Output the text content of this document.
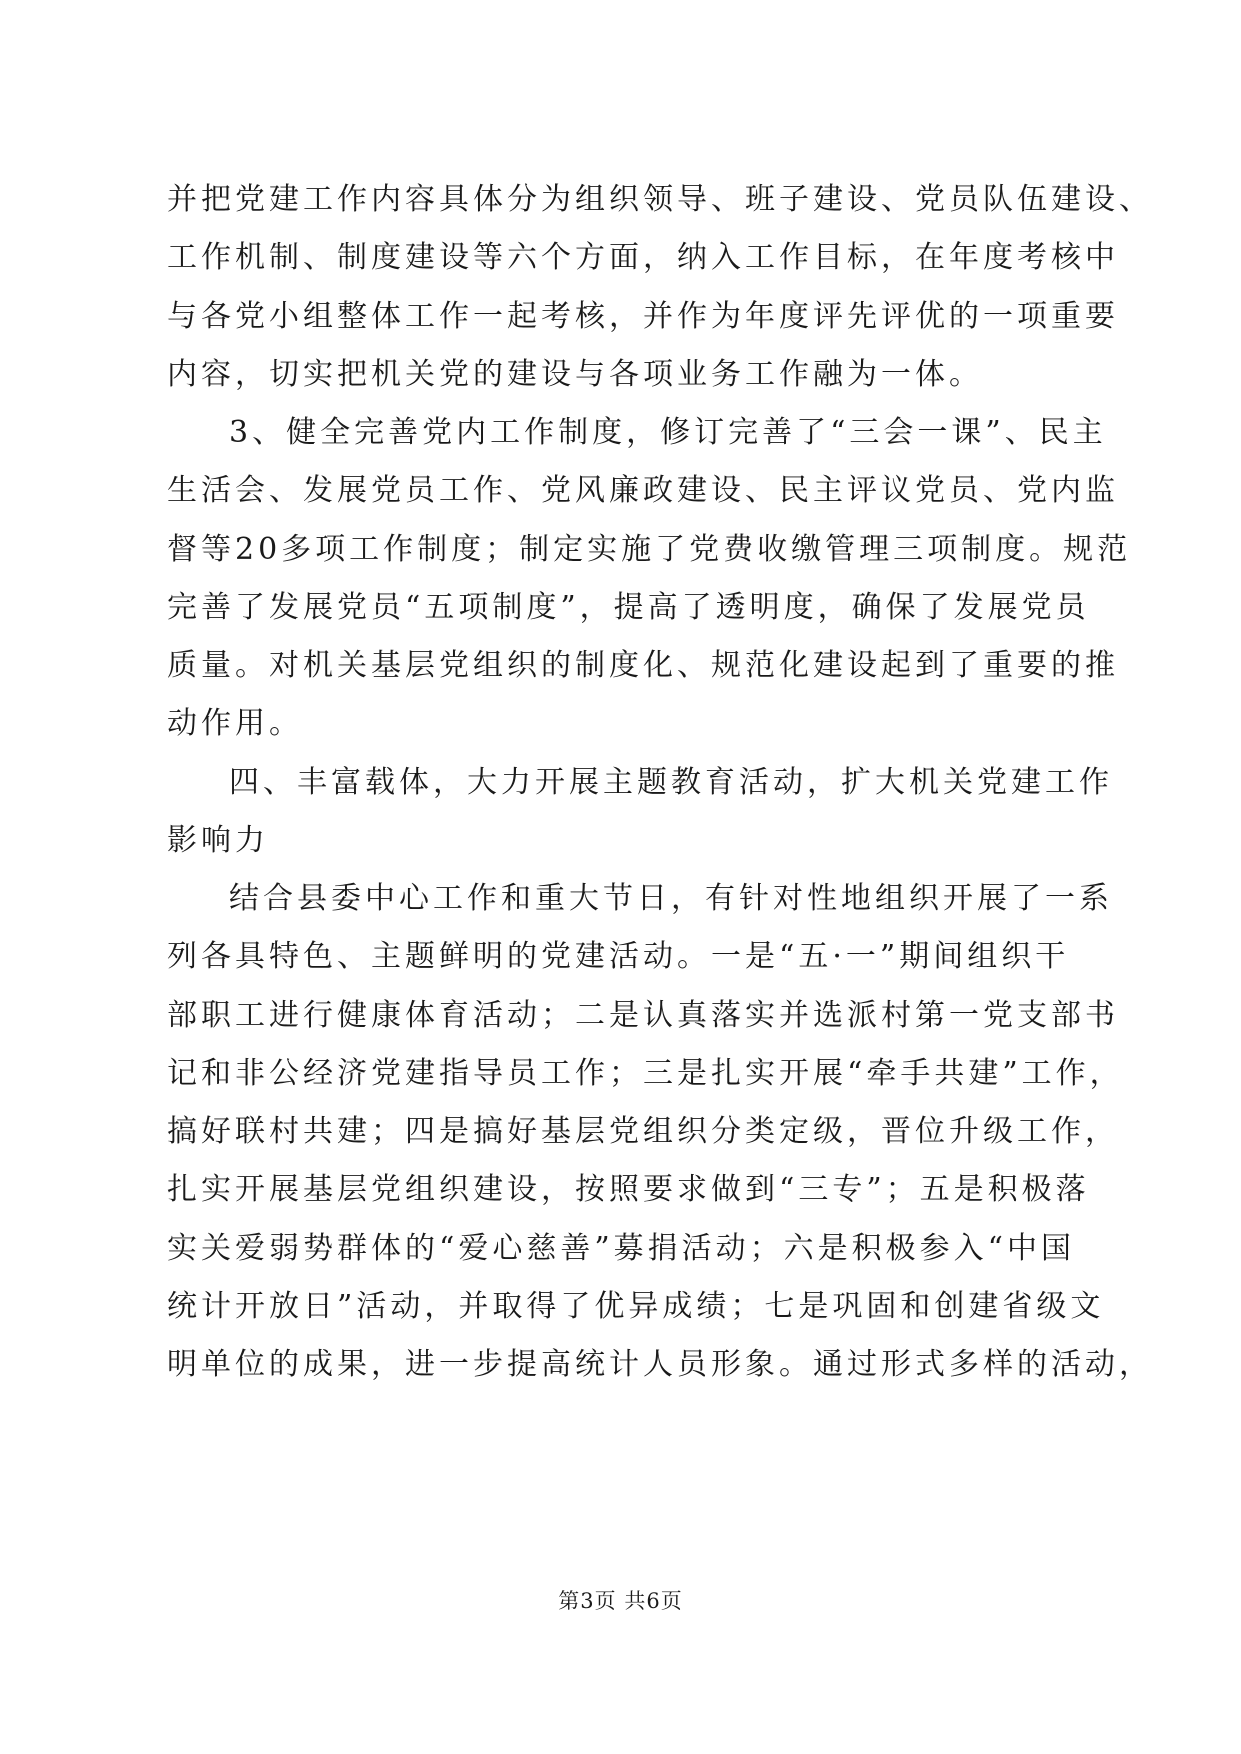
并把党建工作内容具体分为组织领导、班子建设、党员队伍建设、
工作机制、制度建设等六个方面，纳入工作目标，在年度考核中
与各党小组整体工作一起考核，并作为年度评先评优的一项重要
内容，切实把机关党的建设与各项业务工作融为一体。
3、健全完善党内工作制度，修订完善了“三会一课”、民主
生活会、发展党员工作、党风廉政建设、民主评议党员、党内监
督等20多项工作制度；制定实施了党费收缴管理三项制度。规范
完善了发展党员“五项制度”，提高了透明度，确保了发展党员
质量。对机关基层党组织的制度化、规范化建设起到了重要的推
动作用。
四、丰富载体，大力开展主题教育活动，扩大机关党建工作
影响力
结合县委中心工作和重大节日，有针对性地组织开展了一系
列各具特色、主题鲜明的党建活动。一是“五·一”期间组织干
部职工进行健康体育活动；二是认真落实并选派村第一党支部书
记和非公经济党建指导员工作；三是扎实开展“牵手共建”工作，
搞好联村共建；四是搞好基层党组织分类定级，晋位升级工作，
扎实开展基层党组织建设，按照要求做到“三专”；五是积极落
实关爱弱势群体的“爱心慈善”募捐活动；六是积极参入“中国
统计开放日”活动，并取得了优异成绩；七是巩固和创建省级文
明单位的成果，进一步提高统计人员形象。通过形式多样的活动，
第3页 共6页
